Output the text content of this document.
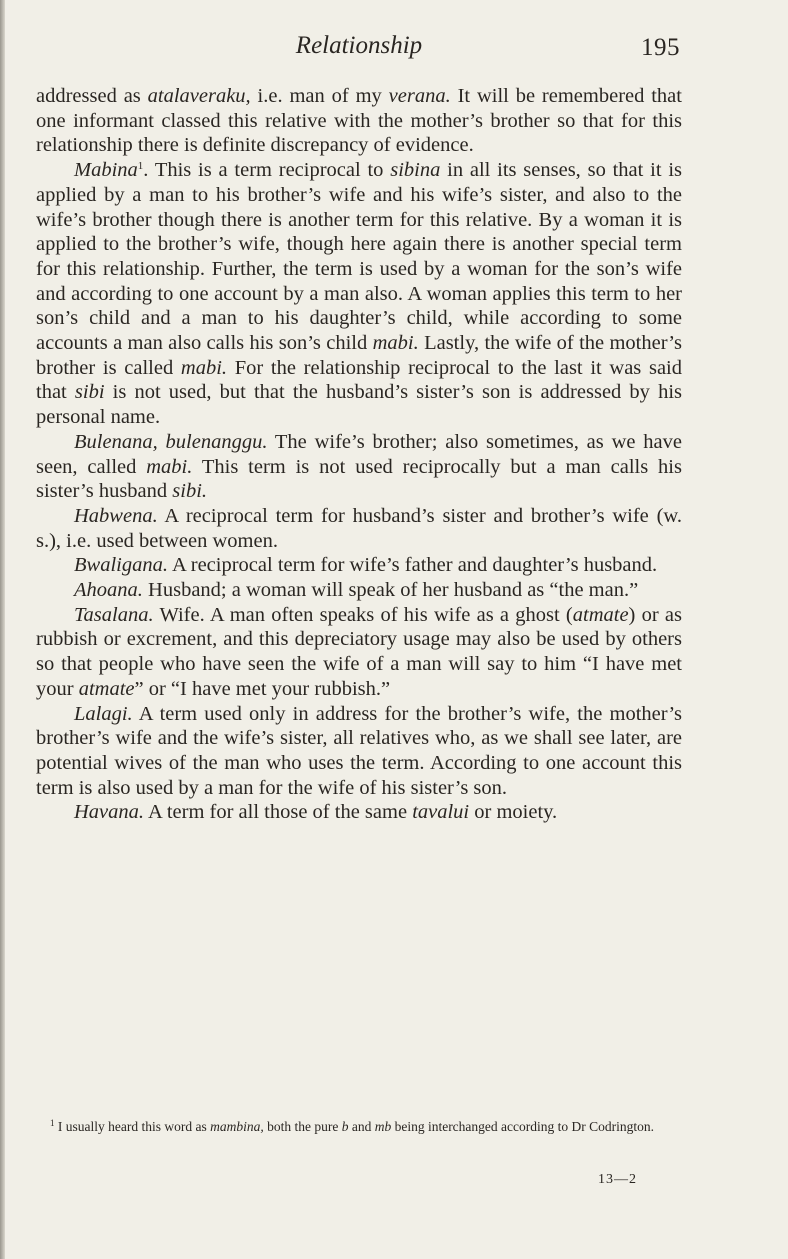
Relationship	195

addressed as atalaveraku, i.e. man of my verana. It will be remembered that one informant classed this relative with the mother’s brother so that for this relationship there is definite discrepancy of evidence.

Mabina$^1$. This is a term reciprocal to sibina in all its senses, so that it is applied by a man to his brother’s wife and his wife’s sister, and also to the wife’s brother though there is another term for this relative. By a woman it is applied to the brother’s wife, though here again there is another special term for this relationship. Further, the term is used by a woman for the son’s wife and according to one account by a man also. A woman applies this term to her son’s child and a man to his daughter’s child, while according to some accounts a man also calls his son’s child mabi. Lastly, the wife of the mother’s brother is called mabi. For the relationship reciprocal to the last it was said that sibi is not used, but that the husband’s sister’s son is addressed by his personal name.

Bulenana, bulenanggu. The wife’s brother; also sometimes, as we have seen, called mabi. This term is not used reciprocally but a man calls his sister’s husband sibi.

Habwena. A reciprocal term for husband’s sister and brother’s wife (w. s.), i.e. used between women.

Bwaligana. A reciprocal term for wife’s father and daughter’s husband.

Ahoana. Husband; a woman will speak of her husband as “the man.”

Tasalana. Wife. A man often speaks of his wife as a ghost (atmate) or as rubbish or excrement, and this depreciatory usage may also be used by others so that people who have seen the wife of a man will say to him “I have met your atmate” or “I have met your rubbish.”

Lalagi. A term used only in address for the brother’s wife, the mother’s brother’s wife and the wife’s sister, all relatives who, as we shall see later, are potential wives of the man who uses the term. According to one account this term is also used by a man for the wife of his sister’s son.

Havana. A term for all those of the same tavalui or moiety.

$^1$ I usually heard this word as mambina, both the pure b and mb being interchanged according to Dr Codrington.
13—2
